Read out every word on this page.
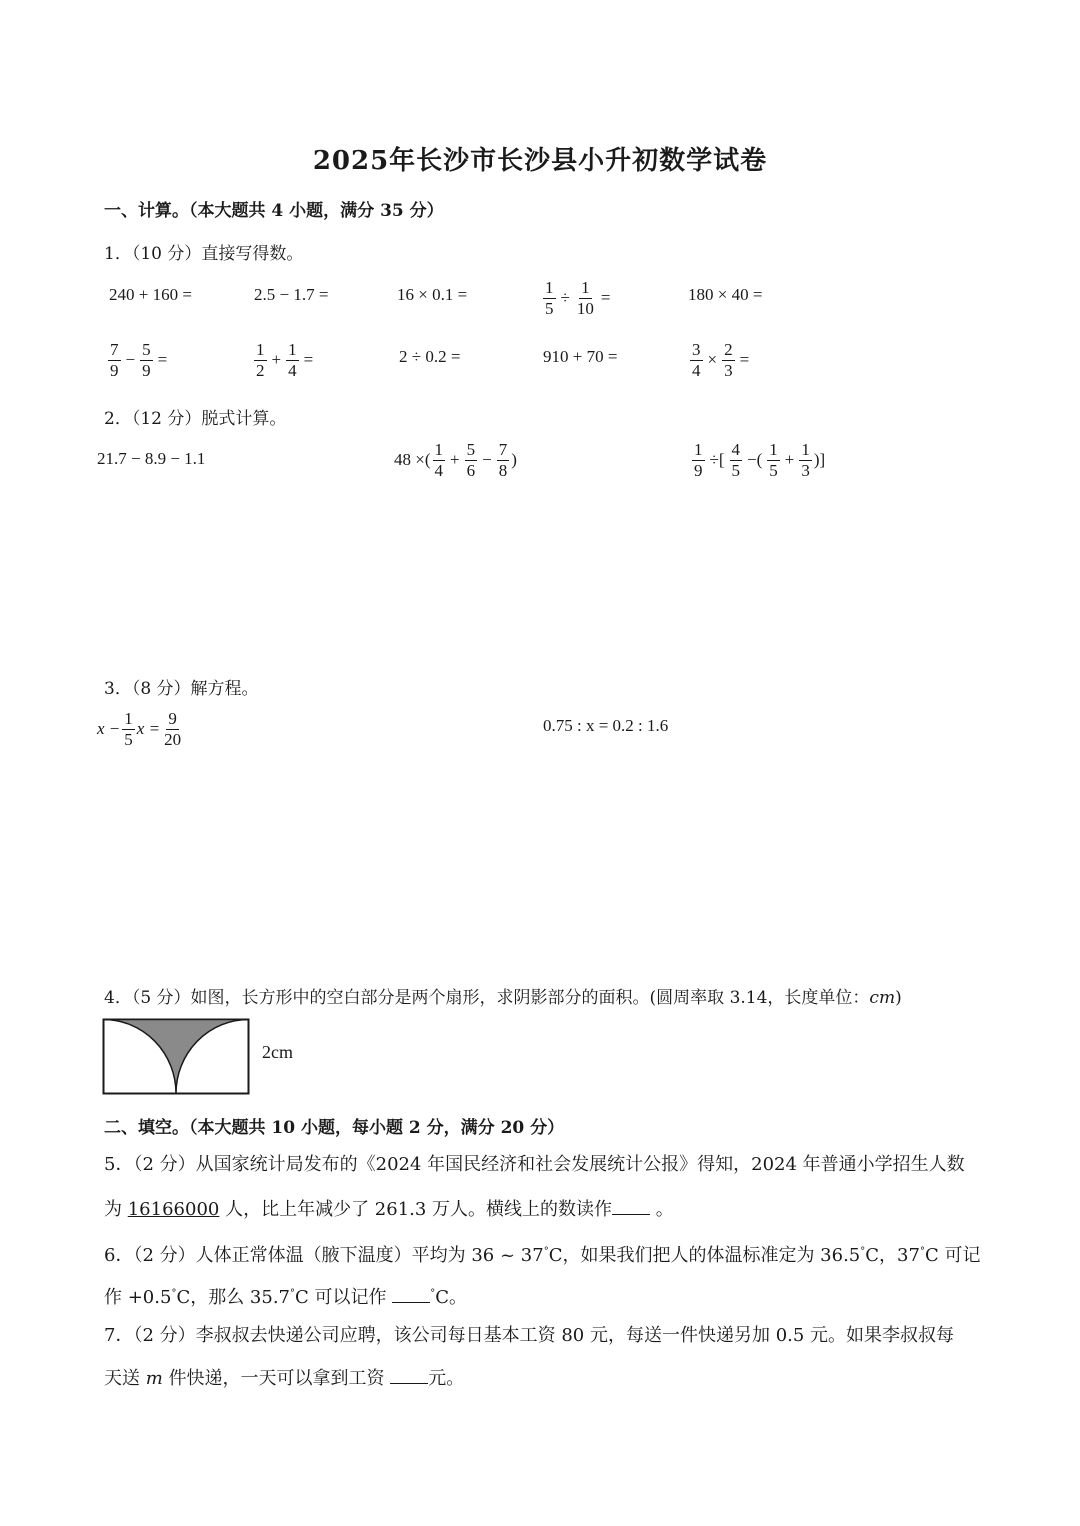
2025年长沙市长沙县小升初数学试卷
一、计算。（本大题共 4 小题，满分 35 分）
1．（10 分）直接写得数。
240 + 160 =	2.5 − 1.7 =	16 × 0.1 =	$\frac{1}{5} \div \frac{1}{10}$ =	180 × 40 =
$\frac{7}{9} - \frac{5}{9}$ =	$\frac{1}{2} + \frac{1}{4}$ =	2 ÷ 0.2 =	910 + 70 =	$\frac{3}{4} \times \frac{2}{3}$ =
2．（12 分）脱式计算。
21.7 − 8.9 − 1.1	48 ×( $\frac{1}{4} + \frac{5}{6} - \frac{7}{8}$ )	$\frac{1}{9}$ ÷[ $\frac{4}{5}$ −( $\frac{1}{5} + \frac{1}{3}$ )]
3．（8 分）解方程。
$x - \frac{1}{5}$ $x = \frac{9}{20}$	0.75 : x = 0.2 : 1.6
4．（5 分）如图，长方形中的空白部分是两个扇形，求阴影部分的面积。(圆周率取 3.14，长度单位：cm)
2cm
二、填空。（本大题共 10 小题，每小题 2 分，满分 20 分）
5．（2 分）从国家统计局发布的《2024 年国民经济和社会发展统计公报》得知，2024 年普通小学招生人数
为 16166000 人，比上年减少了 261.3 万人。横线上的数读作 。
6．（2 分）人体正常体温（腋下温度）平均为 36 ~ 37°C，如果我们把人的体温标准定为 36.5°C，37°C 可记
作 +0.5°C，那么 35.7°C 可以记作	°C。
7．（2 分）李叔叔去快递公司应聘，该公司每日基本工资 80 元，每送一件快递另加 0.5 元。如果李叔叔每
天送 m 件快递，一天可以拿到工资 元。
